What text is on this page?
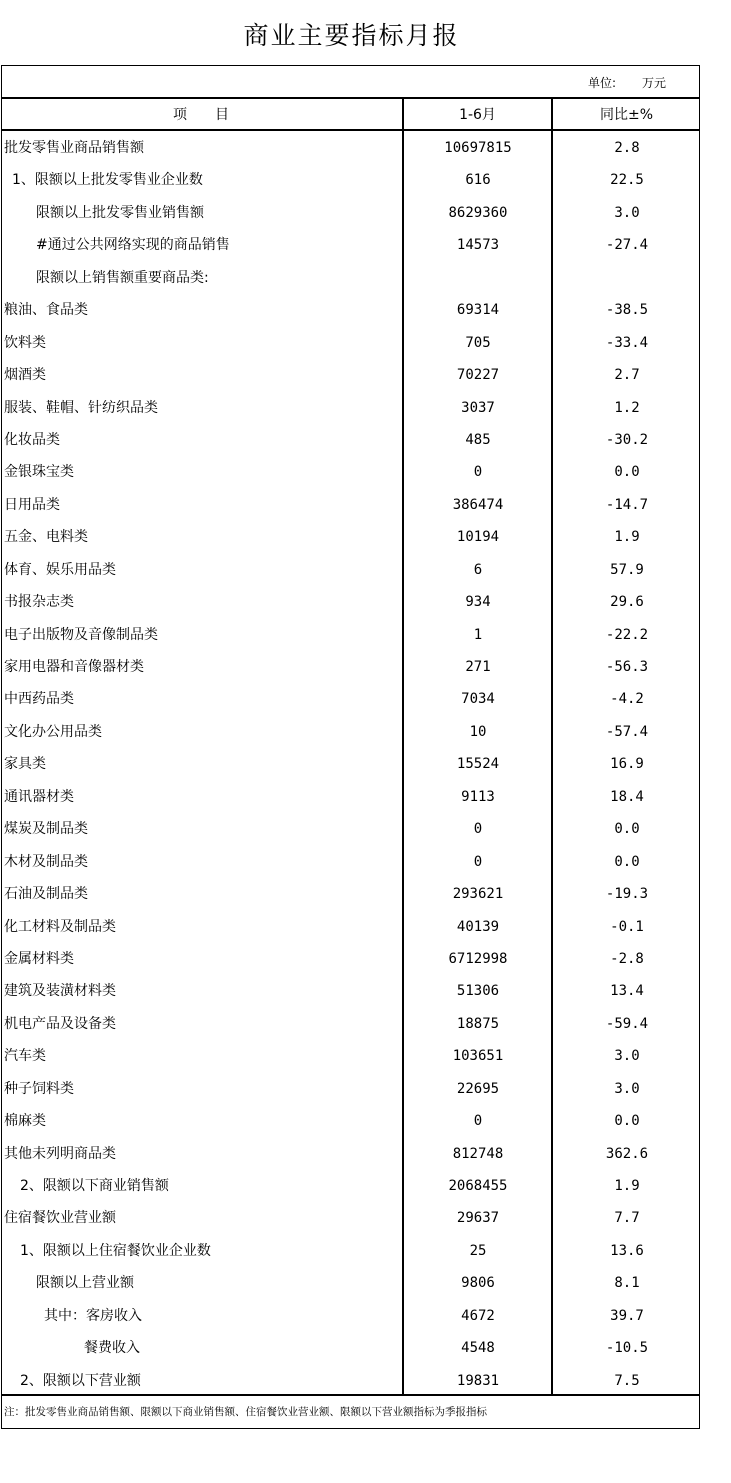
商业主要指标月报
单位: 万元
项　　目	1-6月	同比±%
批发零售业商品销售额	10697815	2.8
1、限额以上批发零售业企业数	616	22.5
限额以上批发零售业销售额	8629360	3.0
#通过公共网络实现的商品销售	14573	-27.4
限额以上销售额重要商品类:
粮油、食品类	69314	-38.5
饮料类	705	-33.4
烟酒类	70227	2.7
服装、鞋帽、针纺织品类	3037	1.2
化妆品类	485	-30.2
金银珠宝类	0	0.0
日用品类	386474	-14.7
五金、电料类	10194	1.9
体育、娱乐用品类	6	57.9
书报杂志类	934	29.6
电子出版物及音像制品类	1	-22.2
家用电器和音像器材类	271	-56.3
中西药品类	7034	-4.2
文化办公用品类	10	-57.4
家具类	15524	16.9
通讯器材类	9113	18.4
煤炭及制品类	0	0.0
木材及制品类	0	0.0
石油及制品类	293621	-19.3
化工材料及制品类	40139	-0.1
金属材料类	6712998	-2.8
建筑及装潢材料类	51306	13.4
机电产品及设备类	18875	-59.4
汽车类	103651	3.0
种子饲料类	22695	3.0
棉麻类	0	0.0
其他未列明商品类	812748	362.6
2、限额以下商业销售额	2068455	1.9
住宿餐饮业营业额	29637	7.7
1、限额以上住宿餐饮业企业数	25	13.6
限额以上营业额	9806	8.1
其中：客房收入	4672	39.7
餐费收入	4548	-10.5
2、限额以下营业额	19831	7.5
注：批发零售业商品销售额、限额以下商业销售额、住宿餐饮业营业额、限额以下营业额指标为季报指标
